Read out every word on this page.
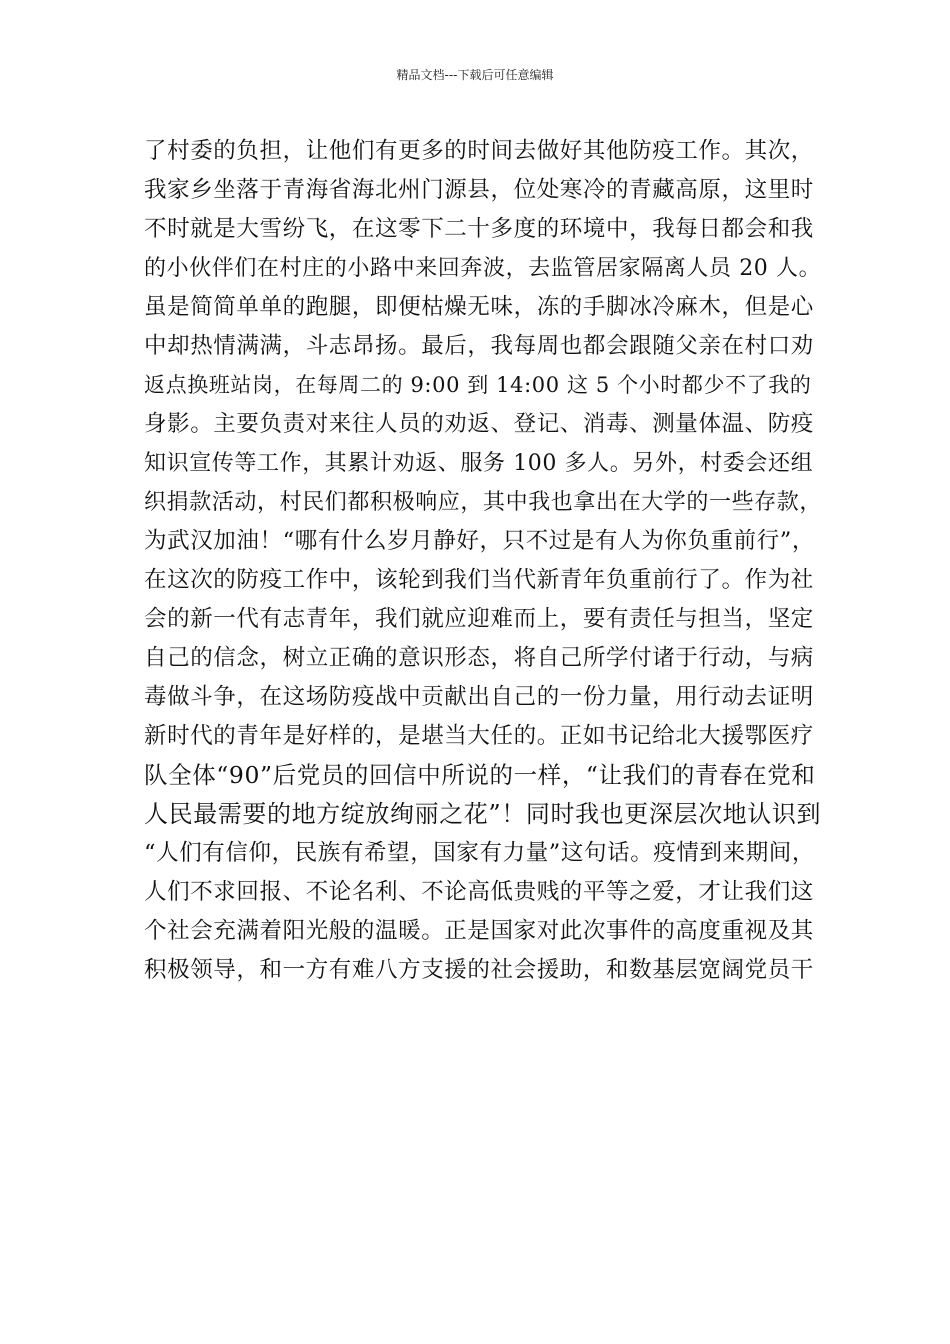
精品文档---下载后可任意编辑
了村委的负担，让他们有更多的时间去做好其他防疫工作。其次，
我家乡坐落于青海省海北州门源县，位处寒冷的青藏高原，这里时
不时就是大雪纷飞，在这零下二十多度的环境中，我每日都会和我
的小伙伴们在村庄的小路中来回奔波，去监管居家隔离人员 20 人。
虽是简简单单的跑腿，即便枯燥无味，冻的手脚冰冷麻木，但是心
中却热情满满，斗志昂扬。最后，我每周也都会跟随父亲在村口劝
返点换班站岗，在每周二的 9:00 到 14:00 这 5 个小时都少不了我的
身影。主要负责对来往人员的劝返、登记、消毒、测量体温、防疫
知识宣传等工作，其累计劝返、服务 100 多人。另外，村委会还组
织捐款活动，村民们都积极响应，其中我也拿出在大学的一些存款，
为武汉加油！“哪有什么岁月静好，只不过是有人为你负重前行”，
在这次的防疫工作中，该轮到我们当代新青年负重前行了。作为社
会的新一代有志青年，我们就应迎难而上，要有责任与担当，坚定
自己的信念，树立正确的意识形态，将自己所学付诸于行动，与病
毒做斗争，在这场防疫战中贡献出自己的一份力量，用行动去证明
新时代的青年是好样的，是堪当大任的。正如书记给北大援鄂医疗
队全体“90”后党员的回信中所说的一样，“让我们的青春在党和
人民最需要的地方绽放绚丽之花”！同时我也更深层次地认识到
“人们有信仰，民族有希望，国家有力量”这句话。疫情到来期间，
人们不求回报、不论名利、不论高低贵贱的平等之爱，才让我们这
个社会充满着阳光般的温暖。正是国家对此次事件的高度重视及其
积极领导，和一方有难八方支援的社会援助，和数基层宽阔党员干
